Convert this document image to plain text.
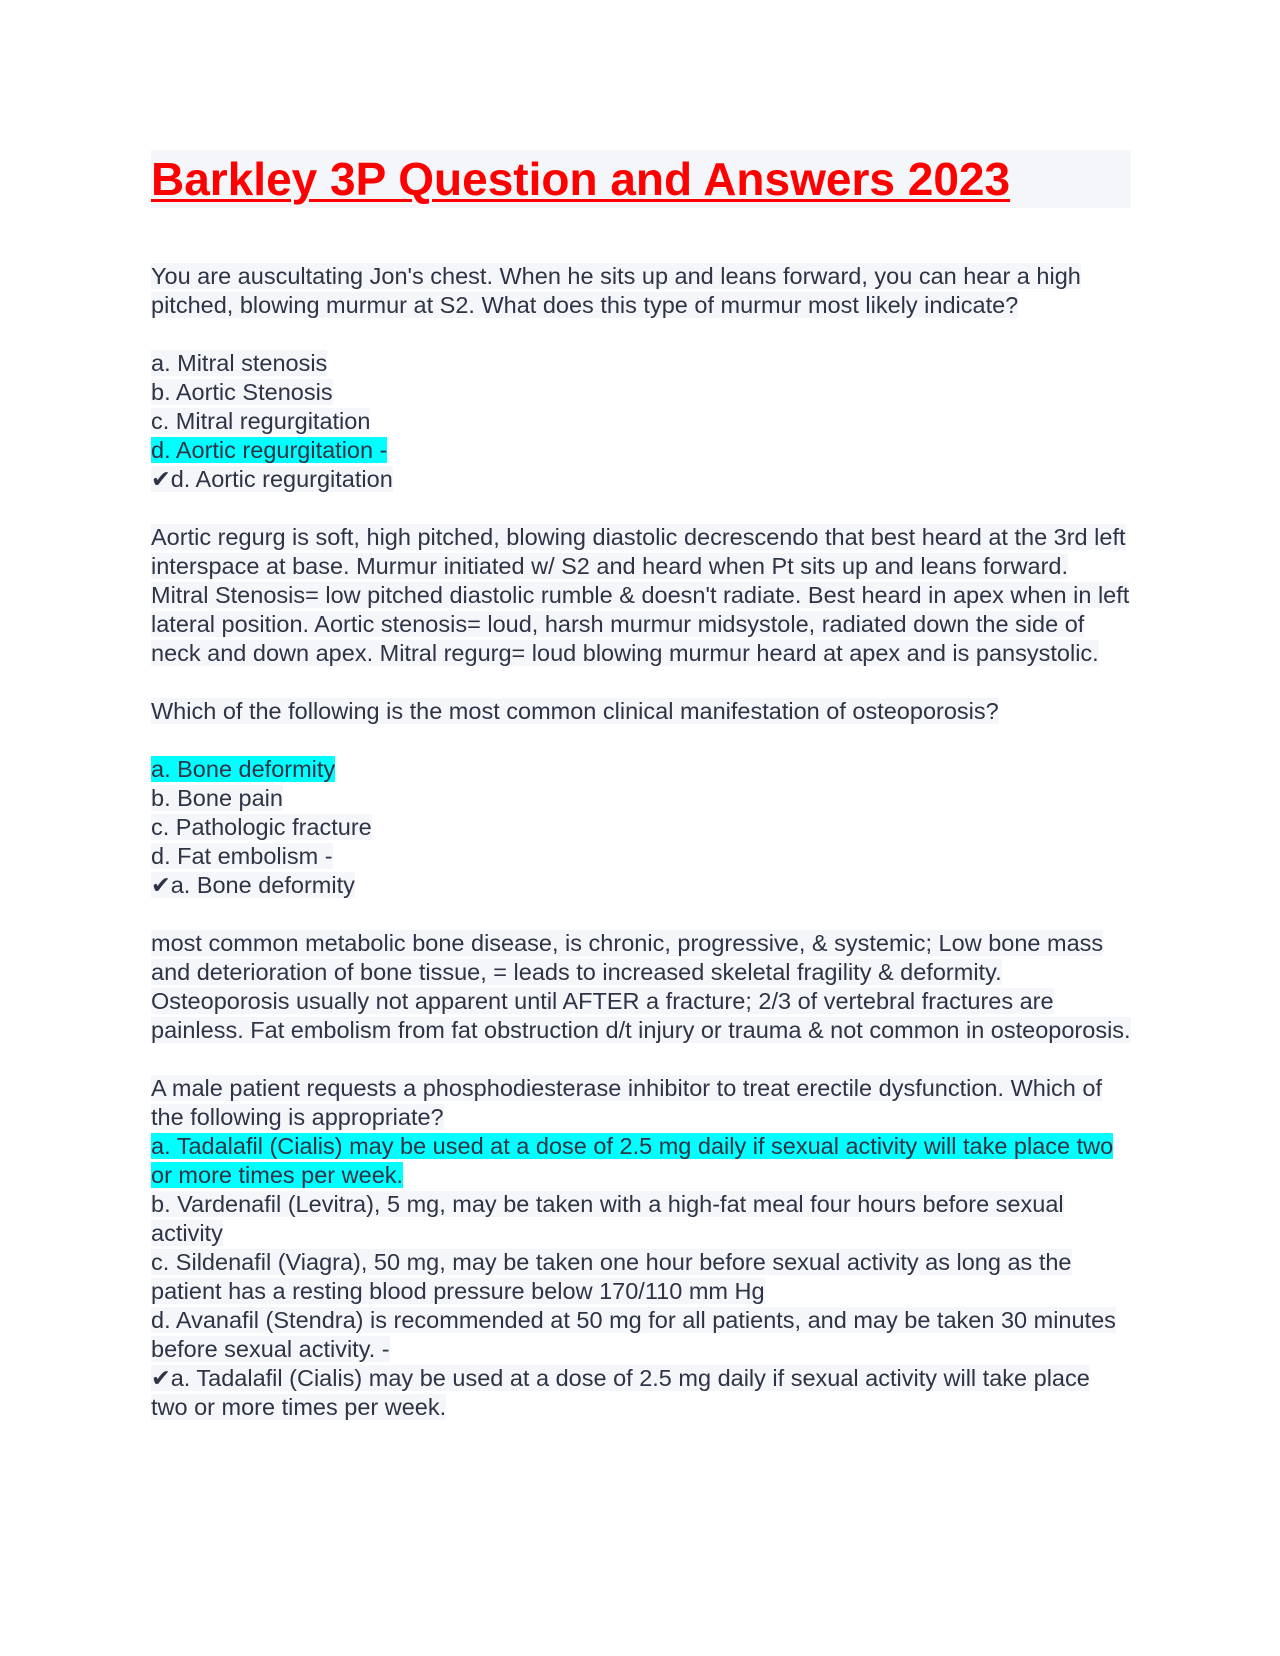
Barkley 3P Question and Answers 2023

You are auscultating Jon's chest. When he sits up and leans forward, you can hear a high pitched, blowing murmur at S2. What does this type of murmur most likely indicate?

a. Mitral stenosis
b. Aortic Stenosis
c. Mitral regurgitation
d. Aortic regurgitation -
✔d. Aortic regurgitation

Aortic regurg is soft, high pitched, blowing diastolic decrescendo that best heard at the 3rd left interspace at base. Murmur initiated w/ S2 and heard when Pt sits up and leans forward. Mitral Stenosis= low pitched diastolic rumble & doesn't radiate. Best heard in apex when in left lateral position. Aortic stenosis= loud, harsh murmur midsystole, radiated down the side of neck and down apex. Mitral regurg= loud blowing murmur heard at apex and is pansystolic.

Which of the following is the most common clinical manifestation of osteoporosis?

a. Bone deformity
b. Bone pain
c. Pathologic fracture
d. Fat embolism -
✔a. Bone deformity

most common metabolic bone disease, is chronic, progressive, & systemic; Low bone mass and deterioration of bone tissue, = leads to increased skeletal fragility & deformity. Osteoporosis usually not apparent until AFTER a fracture; 2/3 of vertebral fractures are painless. Fat embolism from fat obstruction d/t injury or trauma & not common in osteoporosis.

A male patient requests a phosphodiesterase inhibitor to treat erectile dysfunction. Which of the following is appropriate?
a. Tadalafil (Cialis) may be used at a dose of 2.5 mg daily if sexual activity will take place two or more times per week.
b. Vardenafil (Levitra), 5 mg, may be taken with a high-fat meal four hours before sexual activity
c. Sildenafil (Viagra), 50 mg, may be taken one hour before sexual activity as long as the patient has a resting blood pressure below 170/110 mm Hg
d. Avanafil (Stendra) is recommended at 50 mg for all patients, and may be taken 30 minutes before sexual activity. -
✔a. Tadalafil (Cialis) may be used at a dose of 2.5 mg daily if sexual activity will take place two or more times per week.
